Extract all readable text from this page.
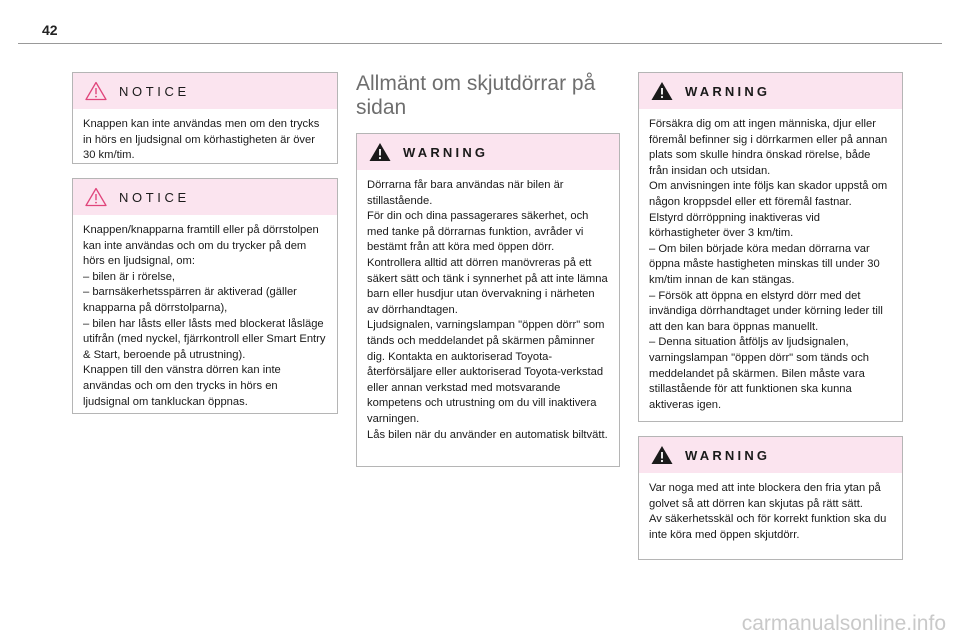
42
NOTICE

Knappen kan inte användas men om den trycks in hörs en ljudsignal om körhastigheten är över 30 km/tim.

NOTICE

Knappen/knapparna framtill eller på dörrstolpen kan inte användas och om du trycker på dem hörs en ljudsignal, om:

– bilen är i rörelse,

– barnsäkerhetsspärren är aktiverad (gäller knapparna på dörrstolparna),

– bilen har låsts eller låsts med blockerat låsläge utifrån (med nyckel, fjärrkontroll eller Smart Entry & Start, beroende på utrustning).

Knappen till den vänstra dörren kan inte användas och om den trycks in hörs en ljudsignal om tankluckan öppnas.

Allmänt om skjutdörrar på sidan
WARNING

Dörrarna får bara användas när bilen är stillastående.

För din och dina passagerares säkerhet, och med tanke på dörrarnas funktion, avråder vi bestämt från att köra med öppen dörr.

Kontrollera alltid att dörren manövreras på ett säkert sätt och tänk i synnerhet på att inte lämna barn eller husdjur utan övervakning i närheten av dörrhandtagen.

Ljudsignalen, varningslampan "öppen dörr" som tänds och meddelandet på skärmen påminner dig. Kontakta en auktoriserad Toyota-återförsäljare eller auktoriserad Toyota-verkstad eller annan verkstad med motsvarande kompetens och utrustning om du vill inaktivera varningen.

Lås bilen när du använder en automatisk biltvätt.

WARNING

Försäkra dig om att ingen människa, djur eller föremål befinner sig i dörrkarmen eller på annan plats som skulle hindra önskad rörelse, både från insidan och utsidan.

Om anvisningen inte följs kan skador uppstå om någon kroppsdel eller ett föremål fastnar.

Elstyrd dörröppning inaktiveras vid körhastigheter över 3 km/tim.

– Om bilen började köra medan dörrarna var öppna måste hastigheten minskas till under 30 km/tim innan de kan stängas.

– Försök att öppna en elstyrd dörr med det invändiga dörrhandtaget under körning leder till att den kan bara öppnas manuellt.

– Denna situation åtföljs av ljudsignalen, varningslampan "öppen dörr" som tänds och meddelandet på skärmen. Bilen måste vara stillastående för att funktionen ska kunna aktiveras igen.

WARNING

Var noga med att inte blockera den fria ytan på golvet så att dörren kan skjutas på rätt sätt.

Av säkerhetsskäl och för korrekt funktion ska du inte köra med öppen skjutdörr.

carmanualsonline.info
